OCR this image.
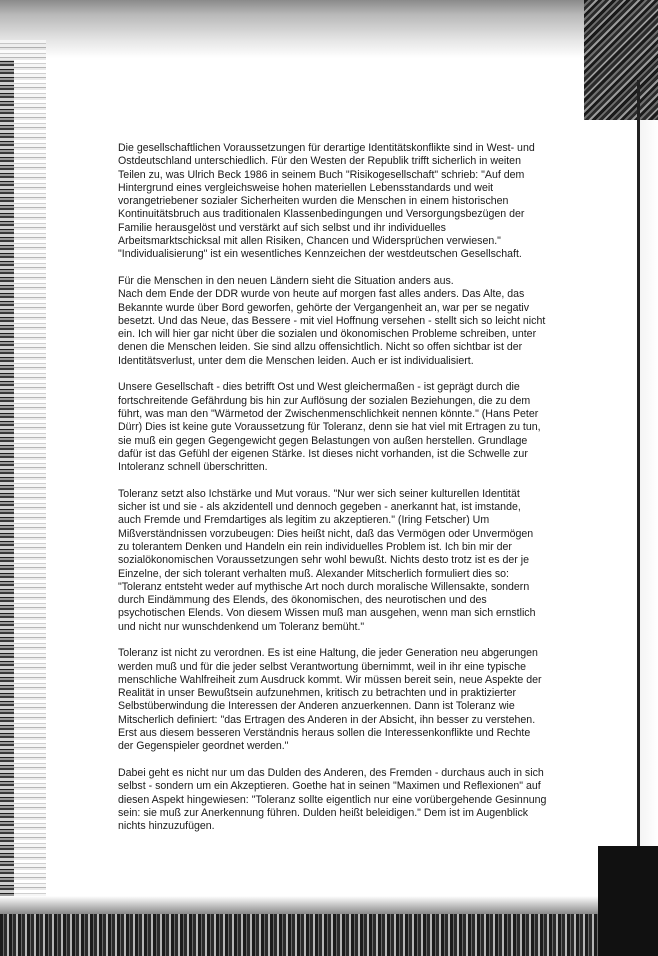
Die gesellschaftlichen Voraussetzungen für derartige Identitätskonflikte sind in West- und
Ostdeutschland unterschiedlich. Für den Westen der Republik trifft sicherlich in weiten
Teilen zu, was Ulrich Beck 1986 in seinem Buch "Risikogesellschaft" schrieb: "Auf dem
Hintergrund eines vergleichsweise hohen materiellen Lebensstandards und weit
vorangetriebener sozialer Sicherheiten wurden die Menschen in einem historischen
Kontinuitätsbruch aus traditionalen Klassenbedingungen und Versorgungsbezügen der
Familie herausgelöst und verstärkt auf sich selbst und ihr individuelles
Arbeitsmarktschicksal mit allen Risiken, Chancen und Widersprüchen verwiesen."
"Individualisierung" ist ein wesentliches Kennzeichen der westdeutschen Gesellschaft.

Für die Menschen in den neuen Ländern sieht die Situation anders aus.
Nach dem Ende der DDR wurde von heute auf morgen fast alles anders. Das Alte, das
Bekannte wurde über Bord geworfen, gehörte der Vergangenheit an, war per se negativ
besetzt. Und das Neue, das Bessere - mit viel Hoffnung versehen - stellt sich so leicht nicht
ein. Ich will hier gar nicht über die sozialen und ökonomischen Probleme schreiben, unter
denen die Menschen leiden. Sie sind allzu offensichtlich. Nicht so offen sichtbar ist der
Identitätsverlust, unter dem die Menschen leiden. Auch er ist individualisiert.

Unsere Gesellschaft - dies betrifft Ost und West gleichermaßen - ist geprägt durch die
fortschreitende Gefährdung bis hin zur Auflösung der sozialen Beziehungen, die zu dem
führt, was man den "Wärmetod der Zwischenmenschlichkeit nennen könnte." (Hans Peter
Dürr) Dies ist keine gute Voraussetzung für Toleranz, denn sie hat viel mit Ertragen zu tun,
sie muß ein gegen Gegengewicht gegen Belastungen von außen herstellen. Grundlage
dafür ist das Gefühl der eigenen Stärke. Ist dieses nicht vorhanden, ist die Schwelle zur
Intoleranz schnell überschritten.

Toleranz setzt also Ichstärke und Mut voraus. "Nur wer sich seiner kulturellen Identität
sicher ist und sie - als akzidentell und dennoch gegeben - anerkannt hat, ist imstande,
auch Fremde und Fremdartiges als legitim zu akzeptieren." (Iring Fetscher) Um
Mißverständnissen vorzubeugen: Dies heißt nicht, daß das Vermögen oder Unvermögen
zu tolerantem Denken und Handeln ein rein individuelles Problem ist. Ich bin mir der
sozialökonomischen Voraussetzungen sehr wohl bewußt. Nichts desto trotz ist es der je
Einzelne, der sich tolerant verhalten muß. Alexander Mitscherlich formuliert dies so:
"Toleranz entsteht weder auf mythische Art noch durch moralische Willensakte, sondern
durch Eindämmung des Elends, des ökonomischen, des neurotischen und des
psychotischen Elends. Von diesem Wissen muß man ausgehen, wenn man sich ernstlich
und nicht nur wunschdenkend um Toleranz bemüht."

Toleranz ist nicht zu verordnen. Es ist eine Haltung, die jeder Generation neu abgerungen
werden muß und für die jeder selbst Verantwortung übernimmt, weil in ihr eine typische
menschliche Wahlfreiheit zum Ausdruck kommt. Wir müssen bereit sein, neue Aspekte der
Realität in unser Bewußtsein aufzunehmen, kritisch zu betrachten und in praktizierter
Selbstüberwindung die Interessen der Anderen anzuerkennen. Dann ist Toleranz wie
Mitscherlich definiert: "das Ertragen des Anderen in der Absicht, ihn besser zu verstehen.
Erst aus diesem besseren Verständnis heraus sollen die Interessenkonflikte und Rechte
der Gegenspieler geordnet werden."

Dabei geht es nicht nur um das Dulden des Anderen, des Fremden - durchaus auch in sich
selbst - sondern um ein Akzeptieren. Goethe hat in seinen "Maximen und Reflexionen" auf
diesen Aspekt hingewiesen: "Toleranz sollte eigentlich nur eine vorübergehende Gesinnung
sein: sie muß zur Anerkennung führen. Dulden heißt beleidigen." Dem ist im Augenblick
nichts hinzuzufügen.
